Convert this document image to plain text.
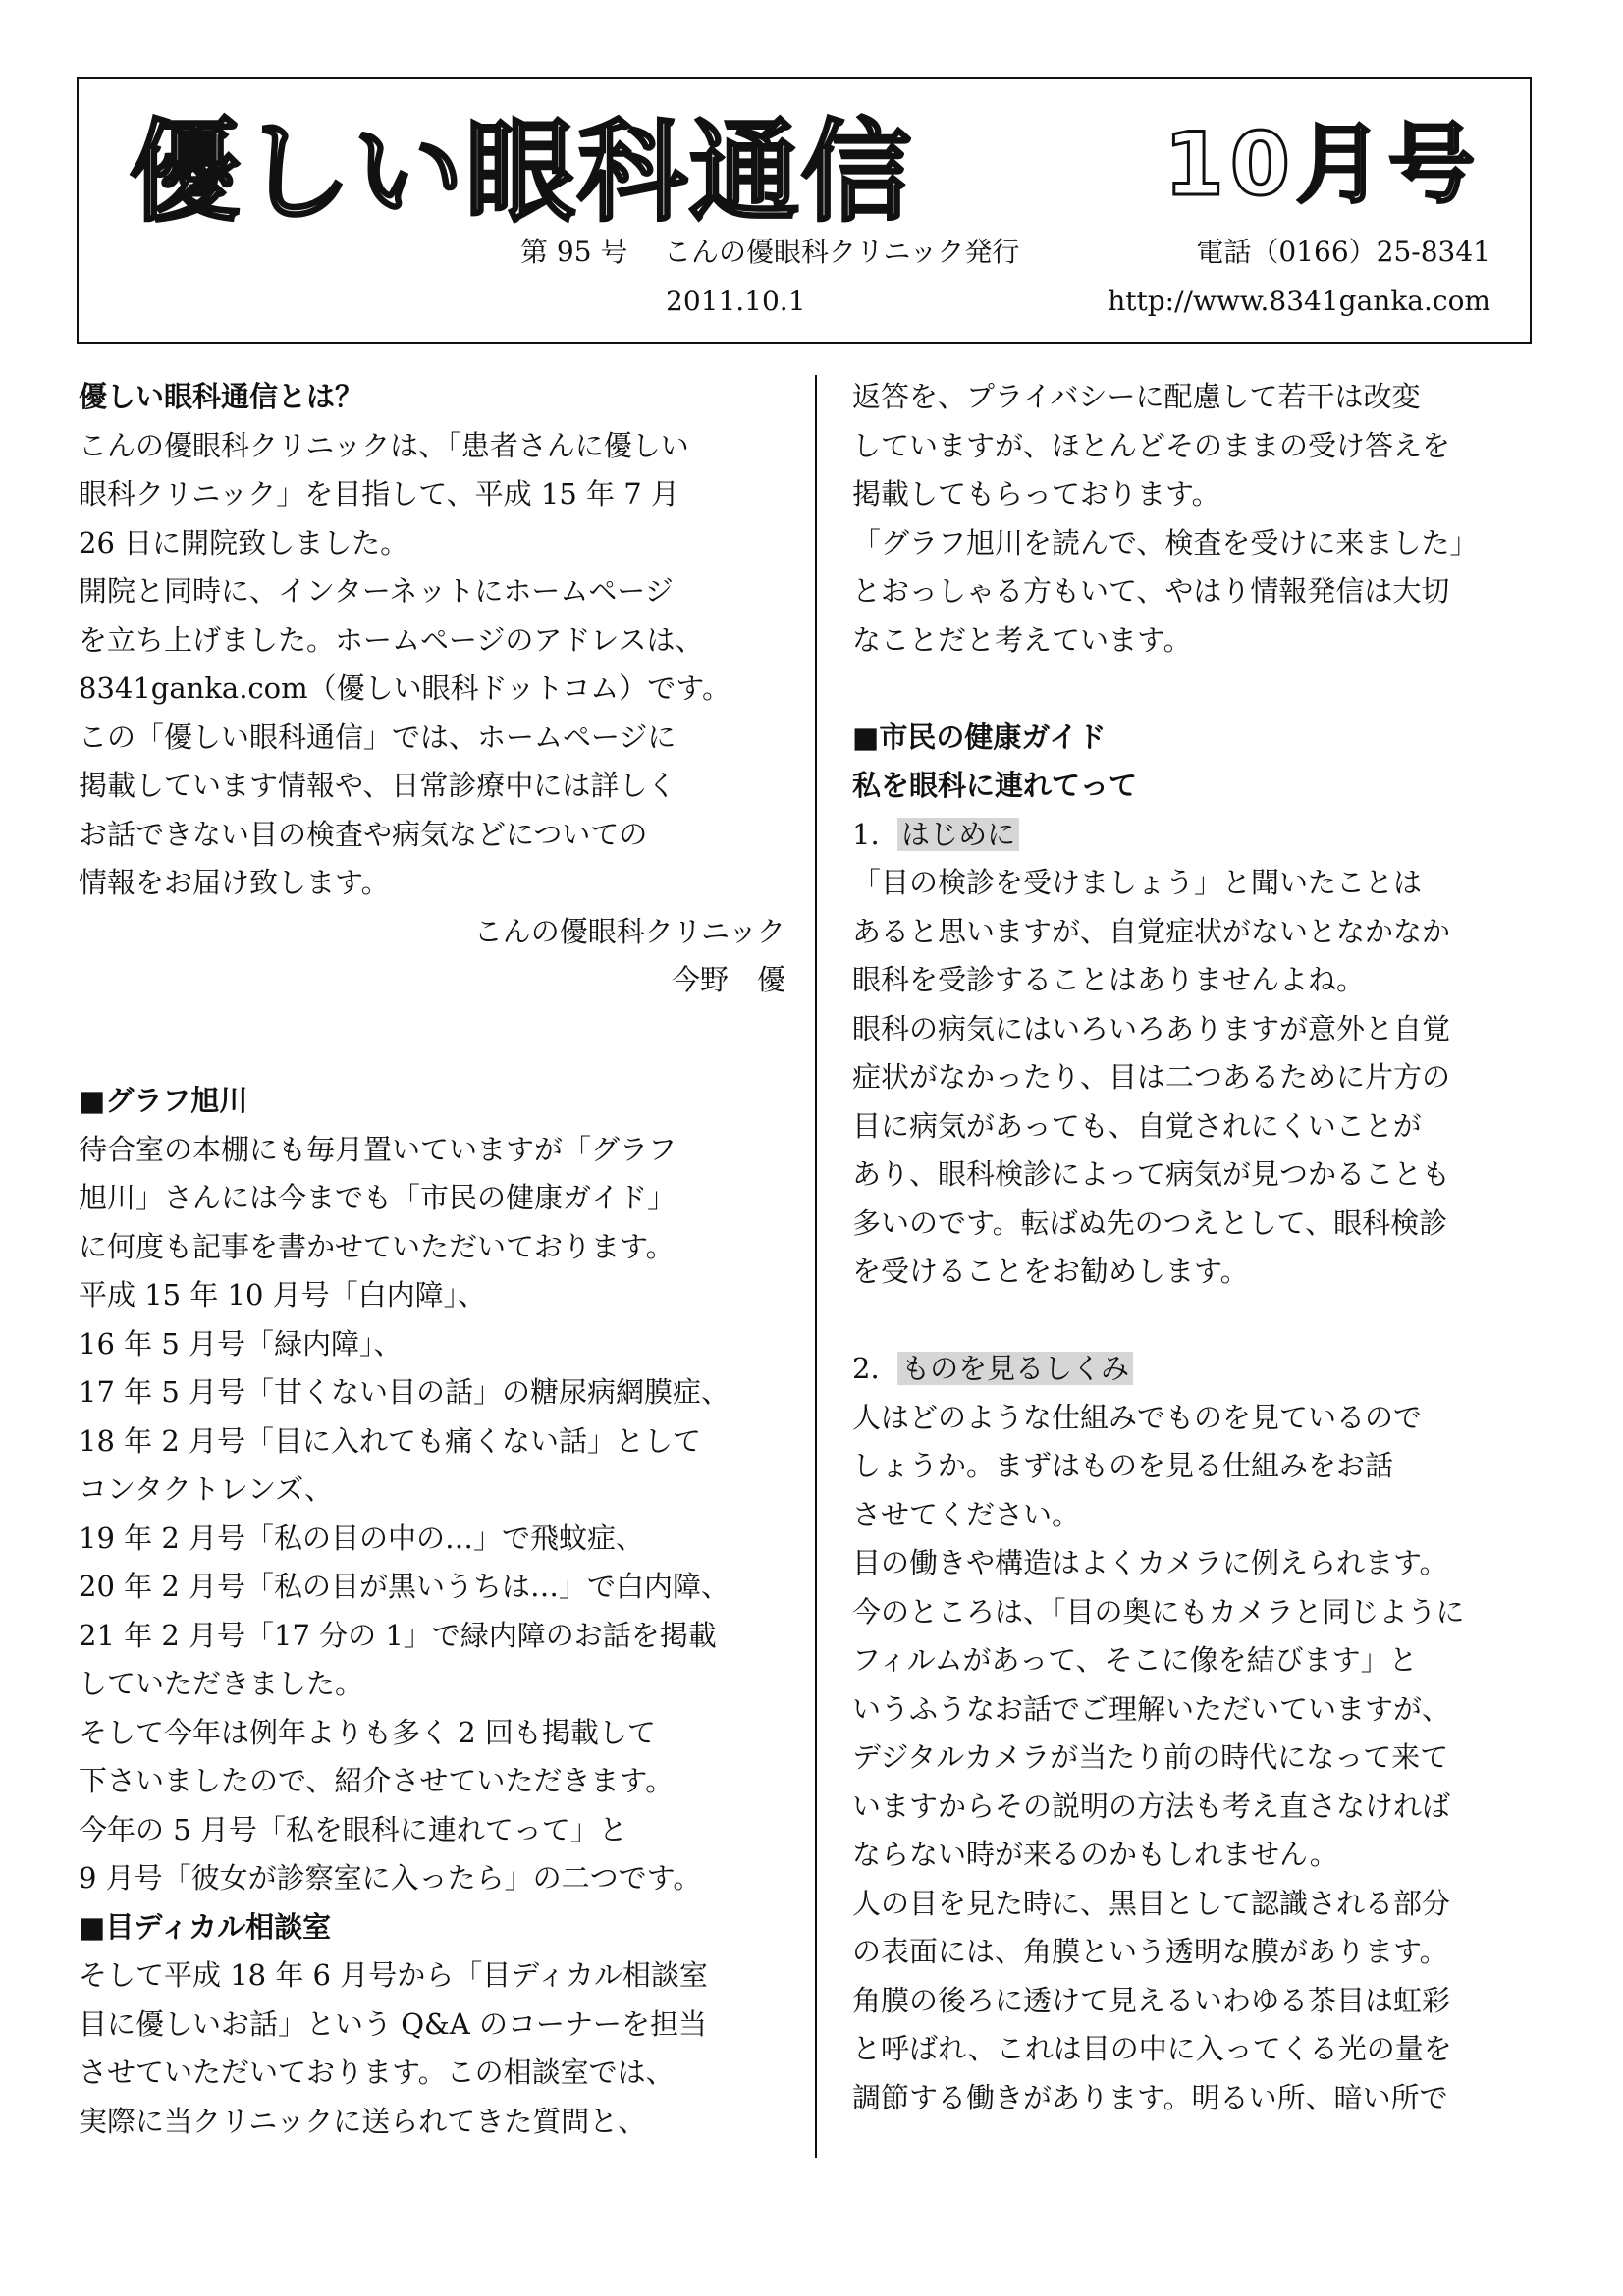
優しい眼科通信	10月号
第 95 号 こんの優眼科クリニック発行	電話（0166）25-8341
2011.10.1	http://www.8341ganka.com

優しい眼科通信とは？

こんの優眼科クリニックは、「患者さんに優しい

眼科クリニック」を目指して、平成 15 年 7 月

26 日に開院致しました。

開院と同時に、インターネットにホームページ

を立ち上げました。ホームページのアドレスは、

8341ganka.com（優しい眼科ドットコム）です。

この「優しい眼科通信」では、ホームページに

掲載しています情報や、日常診療中には詳しく

お話できない目の検査や病気などについての

情報をお届け致します。

こんの優眼科クリニック

今野　優

■グラフ旭川

待合室の本棚にも毎月置いていますが「グラフ

旭川」さんには今までも「市民の健康ガイド」

に何度も記事を書かせていただいております。

平成 15 年 10 月号「白内障」、

16 年 5 月号「緑内障」、

17 年 5 月号「甘くない目の話」の糖尿病網膜症、

18 年 2 月号「目に入れても痛くない話」として

コンタクトレンズ、

19 年 2 月号「私の目の中の…」で飛蚊症、

20 年 2 月号「私の目が黒いうちは…」で白内障、

21 年 2 月号「17 分の 1」で緑内障のお話を掲載

していただきました。

そして今年は例年よりも多く 2 回も掲載して

下さいましたので、紹介させていただきます。

今年の 5 月号「私を眼科に連れてって」と

9 月号「彼女が診察室に入ったら」の二つです。

■目ディカル相談室

そして平成 18 年 6 月号から「目ディカル相談室

目に優しいお話」という Q&A のコーナーを担当

させていただいております。この相談室では、

実際に当クリニックに送られてきた質問と、

返答を、プライバシーに配慮して若干は改変

していますが、ほとんどそのままの受け答えを

掲載してもらっております。

「グラフ旭川を読んで、検査を受けに来ました」

とおっしゃる方もいて、やはり情報発信は大切

なことだと考えています。

■市民の健康ガイド

私を眼科に連れてって

1. はじめに

「目の検診を受けましょう」と聞いたことは

あると思いますが、自覚症状がないとなかなか

眼科を受診することはありませんよね。

眼科の病気にはいろいろありますが意外と自覚

症状がなかったり、目は二つあるために片方の

目に病気があっても、自覚されにくいことが

あり、眼科検診によって病気が見つかることも

多いのです。転ばぬ先のつえとして、眼科検診

を受けることをお勧めします。

2. ものを見るしくみ

人はどのような仕組みでものを見ているので

しょうか。まずはものを見る仕組みをお話

させてください。

目の働きや構造はよくカメラに例えられます。

今のところは、「目の奥にもカメラと同じように

フィルムがあって、そこに像を結びます」と

いうふうなお話でご理解いただいていますが、

デジタルカメラが当たり前の時代になって来て

いますからその説明の方法も考え直さなければ

ならない時が来るのかもしれません。

人の目を見た時に、黒目として認識される部分

の表面には、角膜という透明な膜があります。

角膜の後ろに透けて見えるいわゆる茶目は虹彩

と呼ばれ、これは目の中に入ってくる光の量を

調節する働きがあります。明るい所、暗い所で
